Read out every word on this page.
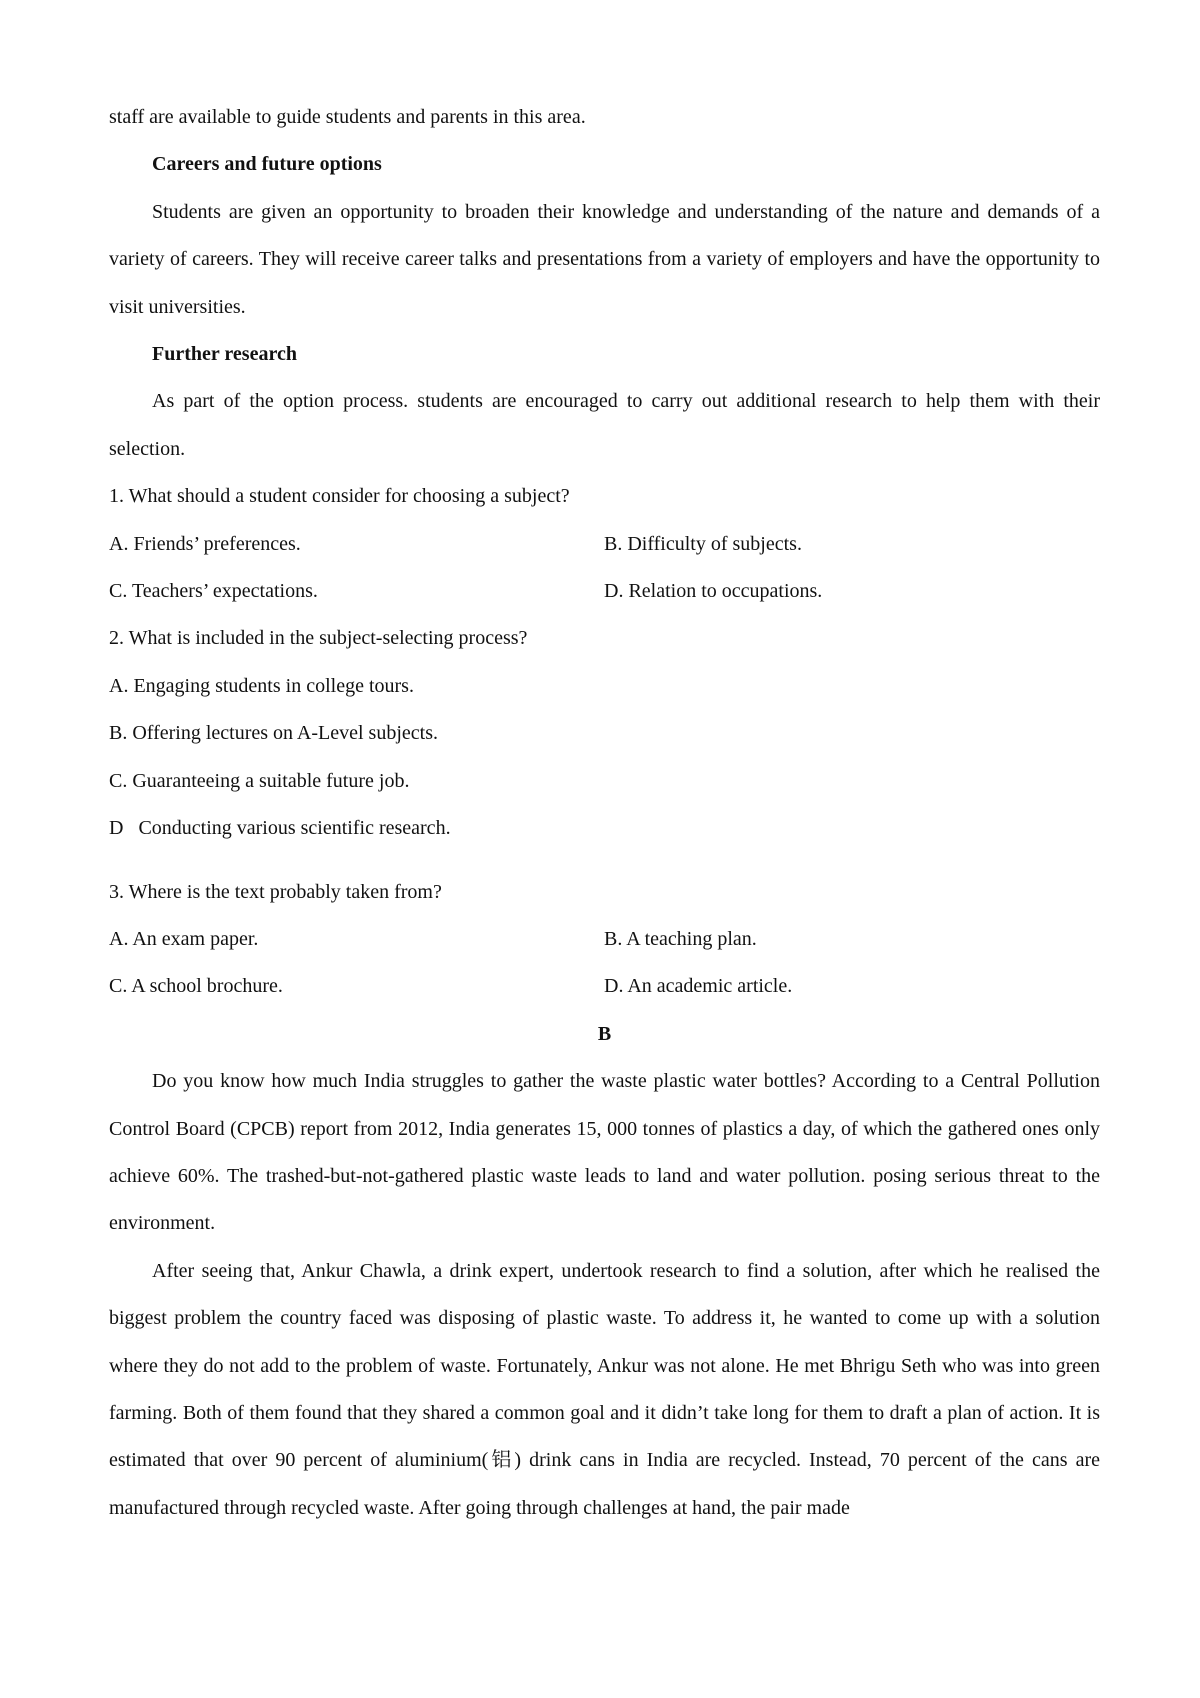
staff are available to guide students and parents in this area.

Careers and future options

Students are given an opportunity to broaden their knowledge and understanding of the nature and demands of a variety of careers. They will receive career talks and presentations from a variety of employers and have the opportunity to visit universities.

Further research

As part of the option process. students are encouraged to carry out additional research to help them with their selection.

1. What should a student consider for choosing a subject?

A. Friends’ preferences.	B. Difficulty of subjects.
C. Teachers’ expectations.	D. Relation to occupations.

2. What is included in the subject-selecting process?

A. Engaging students in college tours.

B. Offering lectures on A-Level subjects.

C. Guaranteeing a suitable future job.

D   Conducting various scientific research.

3. Where is the text probably taken from?

A. An exam paper.	B. A teaching plan.
C. A school brochure.	D. An academic article.

B

Do you know how much India struggles to gather the waste plastic water bottles? According to a Central Pollution Control Board (CPCB) report from 2012, India generates 15, 000 tonnes of plastics a day, of which the gathered ones only achieve 60%. The trashed-but-not-gathered plastic waste leads to land and water pollution. posing serious threat to the environment.

After seeing that, Ankur Chawla, a drink expert, undertook research to find a solution, after which he realised the biggest problem the country faced was disposing of plastic waste. To address it, he wanted to come up with a solution where they do not add to the problem of waste. Fortunately, Ankur was not alone. He met Bhrigu Seth who was into green farming. Both of them found that they shared a common goal and it didn’t take long for them to draft a plan of action. It is estimated that over 90 percent of aluminium(铝) drink cans in India are recycled. Instead, 70 percent of the cans are manufactured through recycled waste. After going through challenges at hand, the pair made
